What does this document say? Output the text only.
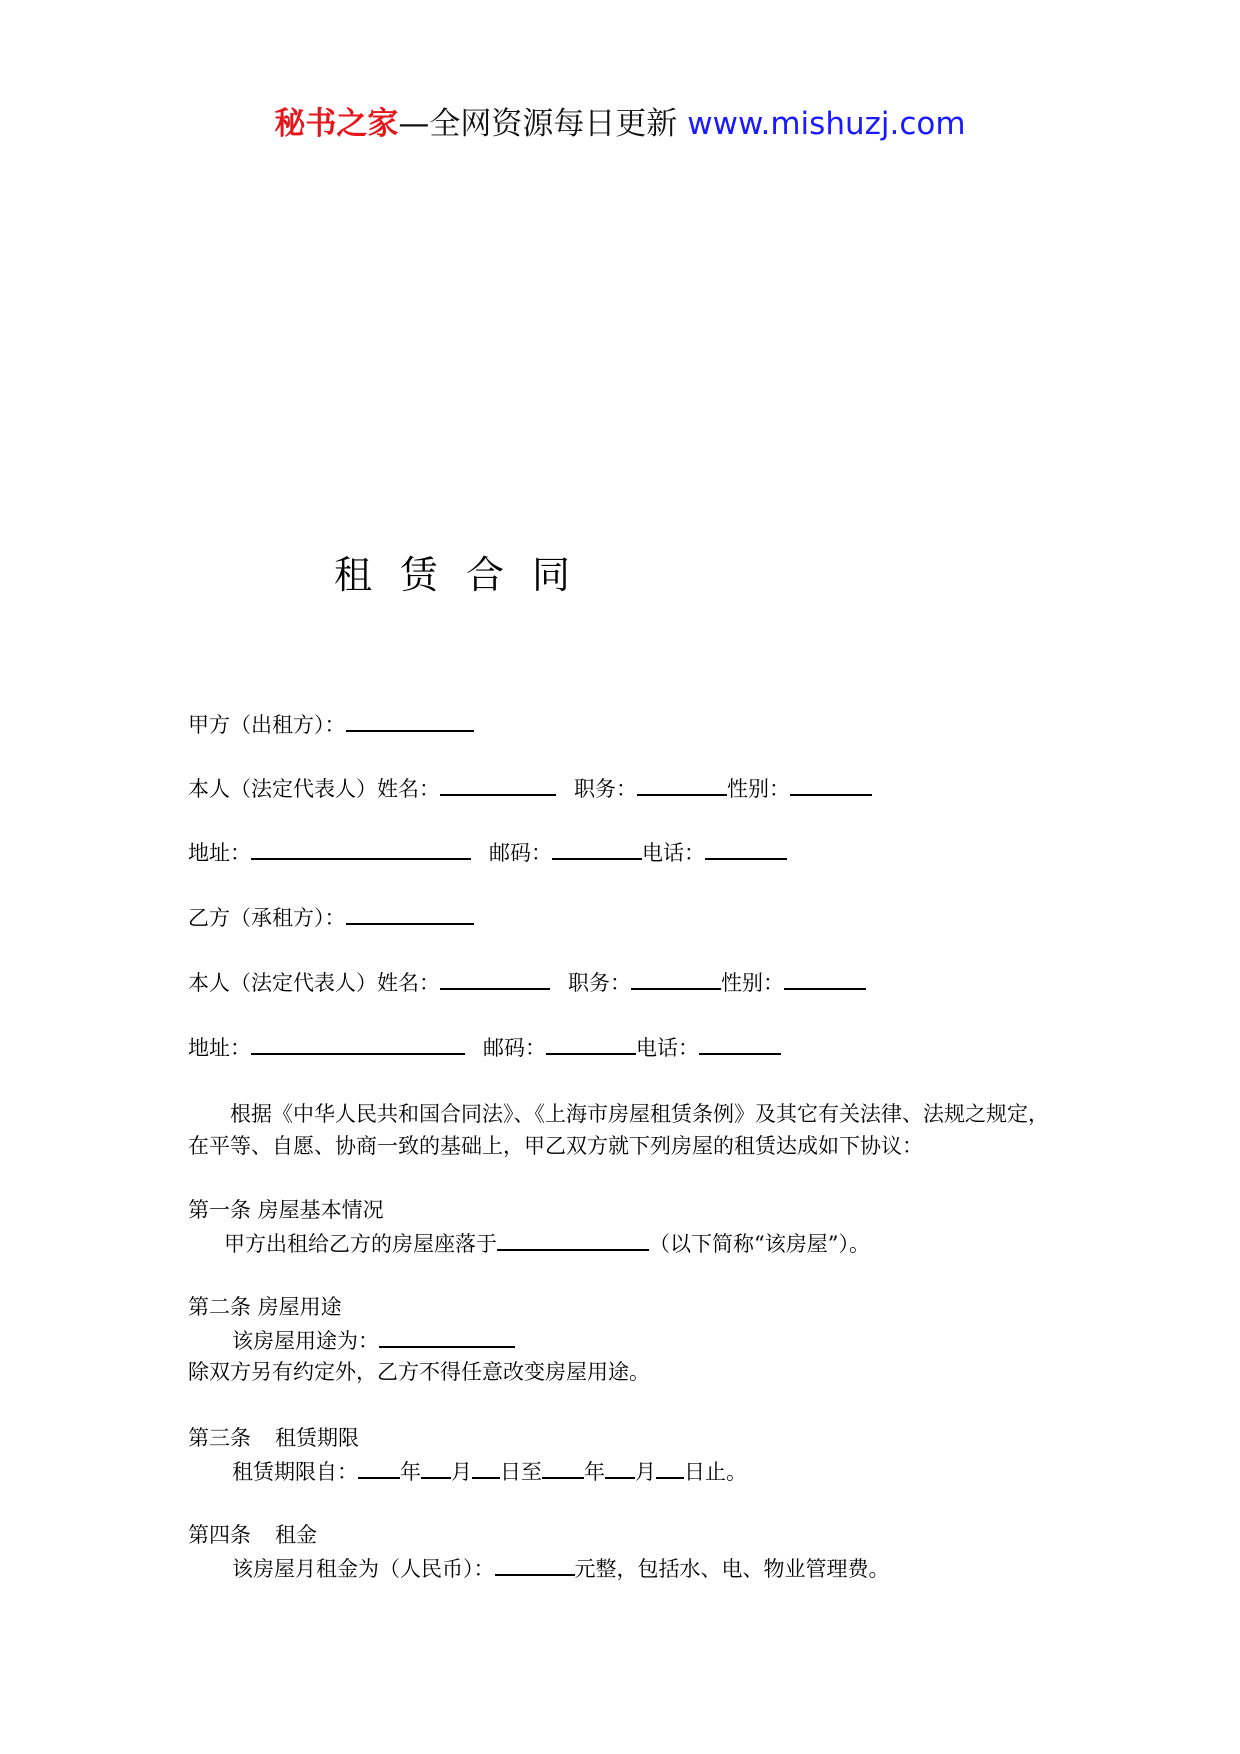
秘书之家—全网资源每日更新 www.mishuzj.com
租赁合同
甲方（出租方）：
本人（法定代表人）姓名：	职务：	性别：
地址：	邮码：	电话：
乙方（承租方）：
本人（法定代表人）姓名：	职务：	性别：
地址：	邮码：	电话：
根据《中华人民共和国合同法》、《上海市房屋租赁条例》及其它有关法律、法规之规定，在平等、自愿、协商一致的基础上，甲乙双方就下列房屋的租赁达成如下协议：
第一条 房屋基本情况
甲方出租给乙方的房屋座落于	（以下简称“该房屋”）。
第二条 房屋用途
该房屋用途为：
除双方另有约定外，乙方不得任意改变房屋用途。
第三条 租赁期限
租赁期限自： 年 月 日至 年 月 日止。
第四条 租金
该房屋月租金为（人民币）：	元整，包括水、电、物业管理费。
